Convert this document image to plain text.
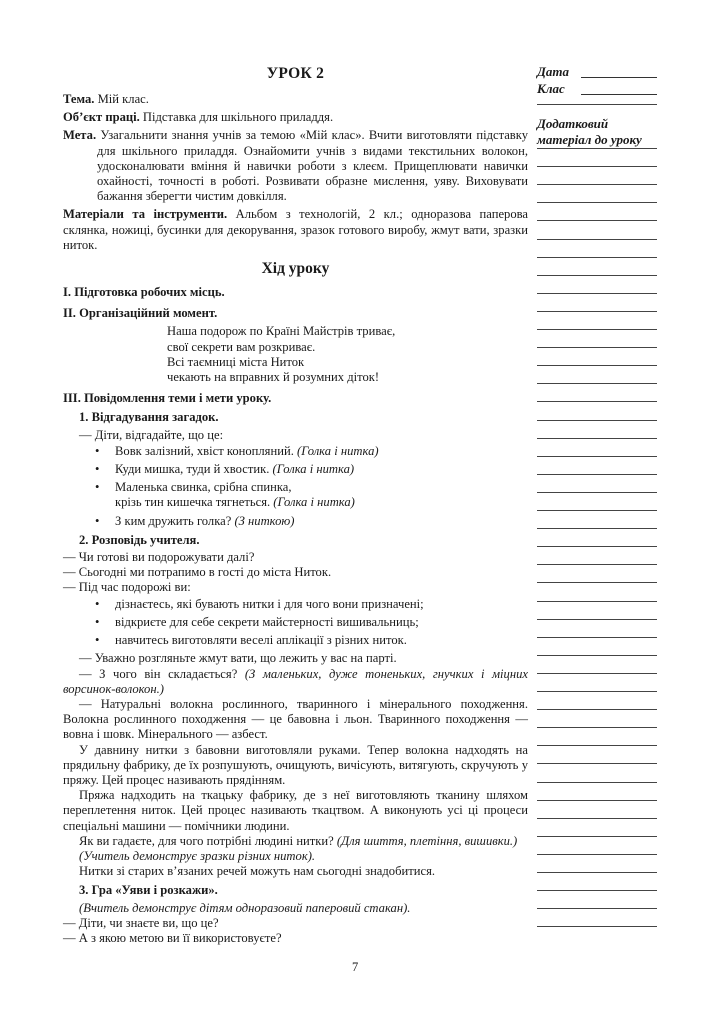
УРОК 2

Тема. Мій клас.

Об’єкт праці. Підставка для шкільного приладдя.

Мета. Узагальнити знання учнів за темою «Мій клас». Вчити виготовляти підставку для шкільного приладдя. Ознайомити учнів з видами текстильних волокон, удосконалювати вміння й навички роботи з клеєм. Прищеплювати навички охайності, точності в роботі. Розвивати образне мислення, уяву. Виховувати бажання зберегти чистим довкілля.

Матеріали та інструменти. Альбом з технологій, 2 кл.; одноразова паперова склянка, ножиці, бусинки для декорування, зразок готового виробу, жмут вати, зразки ниток.

Хід уроку
І. Підготовка робочих місць.
ІІ. Організаційний момент.
Наша подорож по Країні Майстрів триває,
свої секрети вам розкриває.
Всі таємниці міста Ниток
чекають на вправних й розумних діток!
ІІІ. Повідомлення теми і мети уроку.
1. Відгадування загадок.

— Діти, відгадайте, що це:

• Вовк залізний, хвіст конопляний. (Голка і нитка)
• Куди мишка, туди й хвостик. (Голка і нитка)
• Маленька свинка, срібна спинка,
крізь тин кишечка тягнеться. (Голка і нитка)
• З ким дружить голка? (З ниткою)
2. Розповідь учителя.

— Чи готові ви подорожувати далі?

— Сьогодні ми потрапимо в гості до міста Ниток.

— Під час подорожі ви:

• дізнаєтесь, які бувають нитки і для чого вони призначені;
• відкриєте для себе секрети майстерності вишивальниць;
• навчитесь виготовляти веселі аплікації з різних ниток.

— Уважно розгляньте жмут вати, що лежить у вас на парті.

— З чого він складається? (З маленьких, дуже тоненьких, гнучких і міцних ворсинок-волокон.)

— Натуральні волокна рослинного, тваринного і мінерального походження. Волокна рослинного походження — це бавовна і льон. Тваринного походження — вовна і шовк. Мінерального — азбест.

У давнину нитки з бавовни виготовляли руками. Тепер волокна надходять на прядильну фабрику, де їх розпушують, очищують, вичісують, витягують, скручують у пряжу. Цей процес називають прядінням.

Пряжа надходить на ткацьку фабрику, де з неї виготовляють тканину шляхом переплетення ниток. Цей процес називають ткацтвом. А виконують усі ці процеси спеціальні машини — помічники людини.

Як ви гадаєте, для чого потрібні людині нитки? (Для шиття, плетіння, вишивки.)

(Учитель демонструє зразки різних ниток).

Нитки зі старих в’язаних речей можуть нам сьогодні знадобитися.

3. Гра «Уяви і розкажи».

(Вчитель демонструє дітям одноразовий паперовий стакан).

— Діти, чи знаєте ви, що це?

— А з якою метою ви її використовуєте?

Дата
Клас
Додатковий
матеріал до уроку
7
